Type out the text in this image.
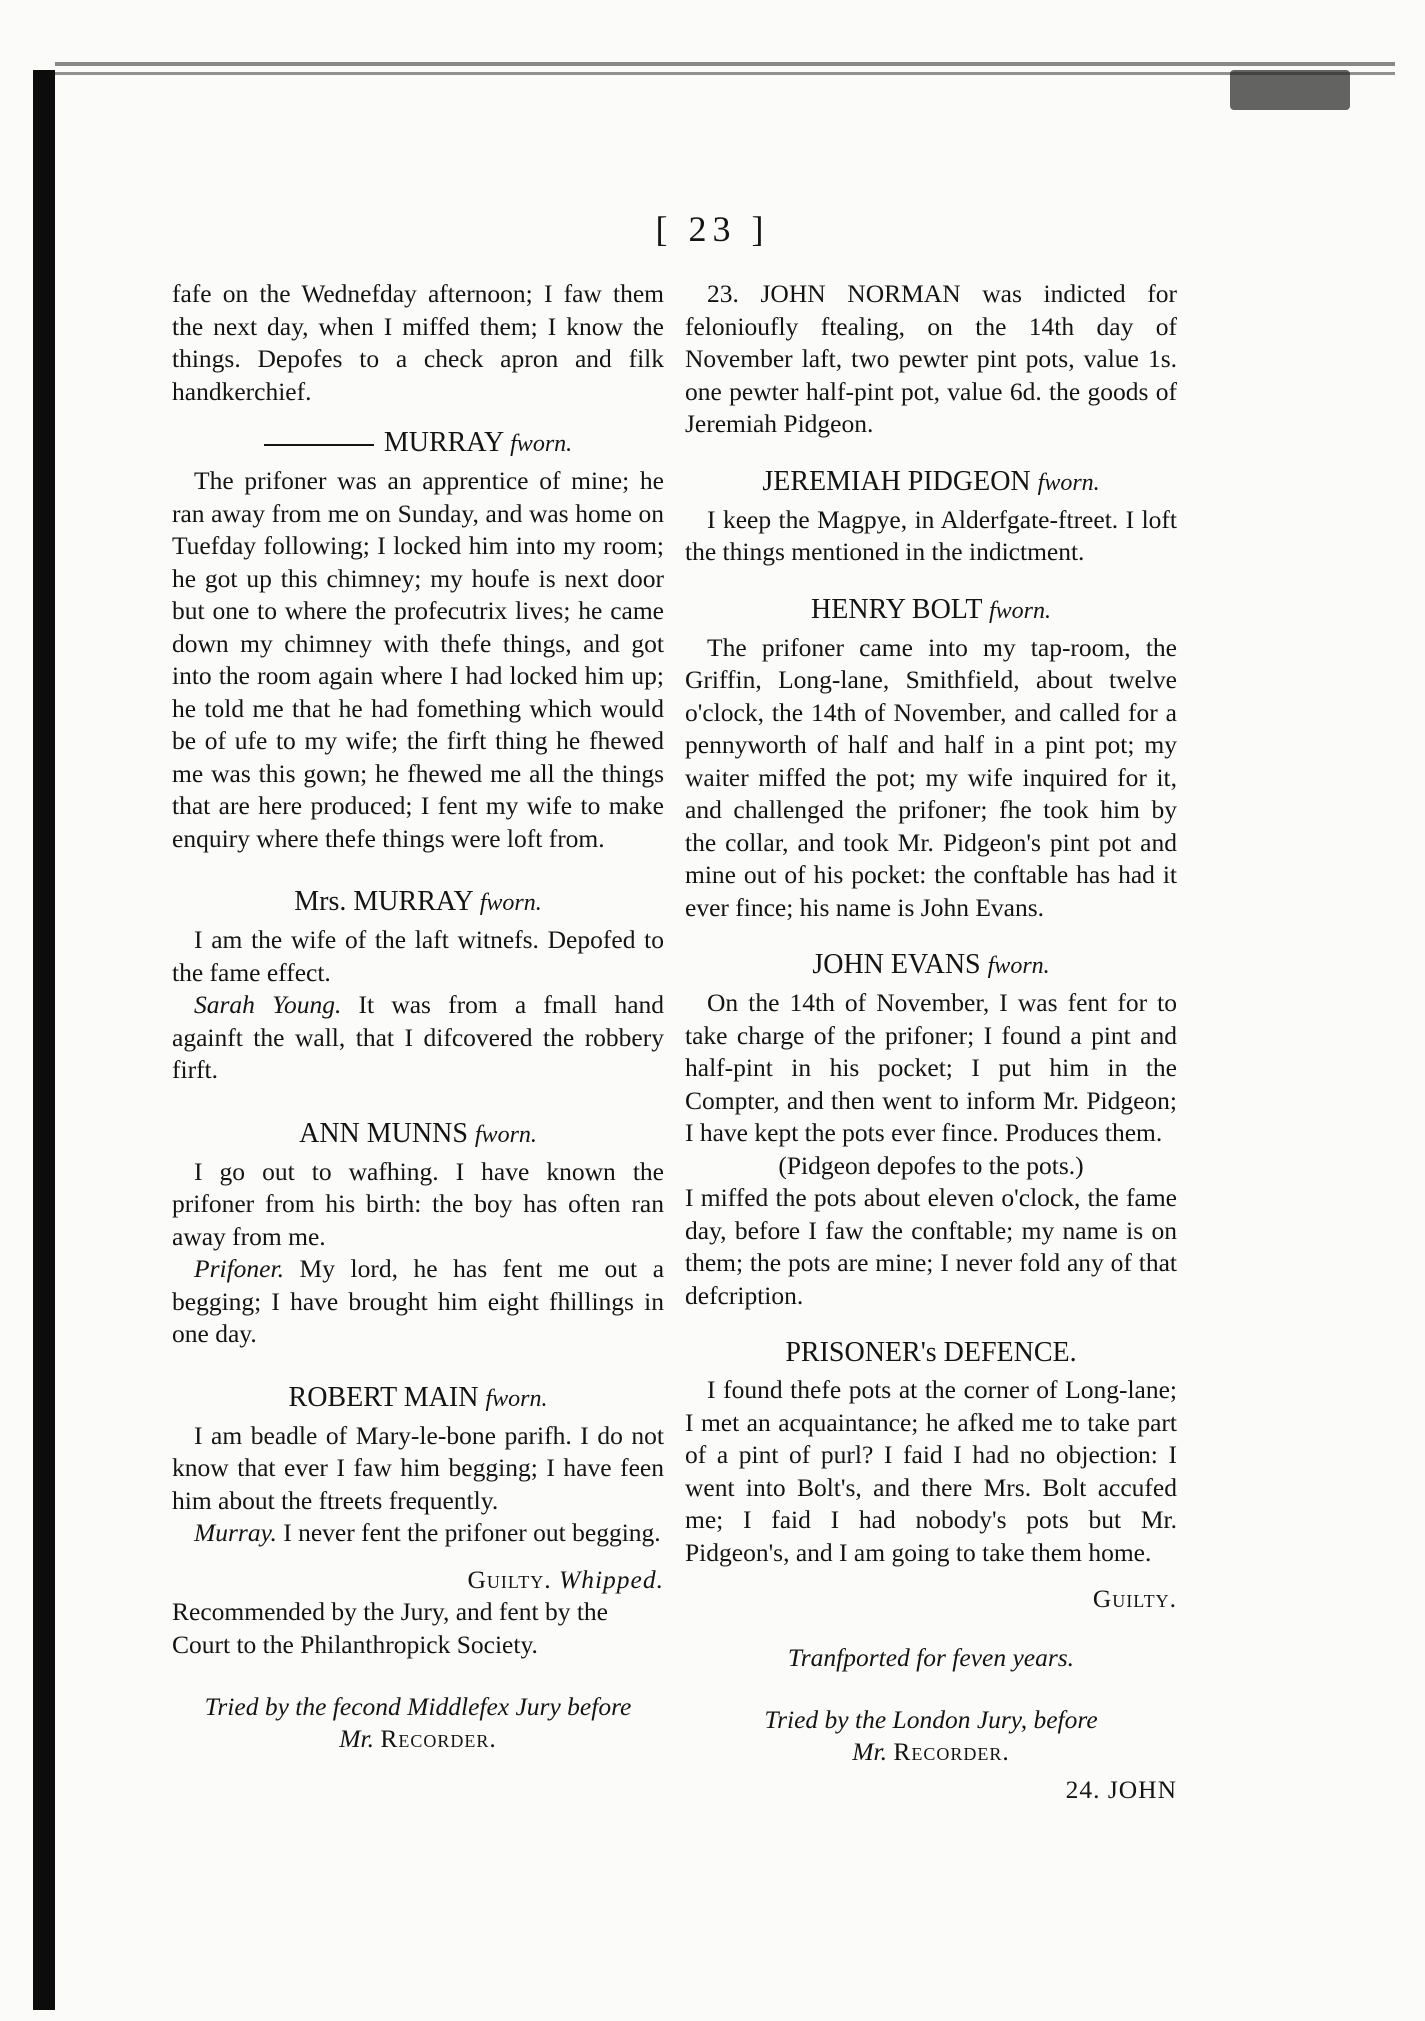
[ 23 ]

fafe on the Wednefday afternoon; I faw them the next day, when I miffed them; I know the things. Depofes to a check apron and filk handkerchief.

MURRAY fworn.

The prifoner was an apprentice of mine; he ran away from me on Sunday, and was home on Tuefday following; I locked him into my room; he got up this chimney; my houfe is next door but one to where the profecutrix lives; he came down my chimney with thefe things, and got into the room again where I had locked him up; he told me that he had fomething which would be of ufe to my wife; the firft thing he fhewed me was this gown; he fhewed me all the things that are here produced; I fent my wife to make enquiry where thefe things were loft from.

Mrs. MURRAY fworn.

I am the wife of the laft witnefs. Depofed to the fame effect.

Sarah Young. It was from a fmall hand againft the wall, that I difcovered the robbery firft.

ANN MUNNS fworn.

I go out to wafhing. I have known the prifoner from his birth: the boy has often ran away from me.

Prifoner. My lord, he has fent me out a begging; I have brought him eight fhillings in one day.

ROBERT MAIN fworn.

I am beadle of Mary-le-bone parifh. I do not know that ever I faw him begging; I have feen him about the ftreets frequently.

Murray. I never fent the prifoner out begging.

Guilty. Whipped.

Recommended by the Jury, and fent by the Court to the Philanthropick Society.

Tried by the fecond Middlefex Jury before
Mr. Recorder.

23. JOHN NORMAN was indicted for felonioufly ftealing, on the 14th day of November laft, two pewter pint pots, value 1s. one pewter half-pint pot, value 6d. the goods of Jeremiah Pidgeon.

JEREMIAH PIDGEON fworn.

I keep the Magpye, in Alderfgate-ftreet. I loft the things mentioned in the indictment.

HENRY BOLT fworn.

The prifoner came into my tap-room, the Griffin, Long-lane, Smithfield, about twelve o'clock, the 14th of November, and called for a pennyworth of half and half in a pint pot; my waiter miffed the pot; my wife inquired for it, and challenged the prifoner; fhe took him by the collar, and took Mr. Pidgeon's pint pot and mine out of his pocket: the conftable has had it ever fince; his name is John Evans.

JOHN EVANS fworn.

On the 14th of November, I was fent for to take charge of the prifoner; I found a pint and half-pint in his pocket; I put him in the Compter, and then went to inform Mr. Pidgeon; I have kept the pots ever fince. Produces them.

(Pidgeon depofes to the pots.)

I miffed the pots about eleven o'clock, the fame day, before I faw the conftable; my name is on them; the pots are mine; I never fold any of that defcription.

PRISONER's DEFENCE.

I found thefe pots at the corner of Long-lane; I met an acquaintance; he afked me to take part of a pint of purl? I faid I had no objection: I went into Bolt's, and there Mrs. Bolt accufed me; I faid I had nobody's pots but Mr. Pidgeon's, and I am going to take them home.

Guilty.
Tranfported for feven years.
Tried by the London Jury, before
Mr. Recorder.
24. JOHN
